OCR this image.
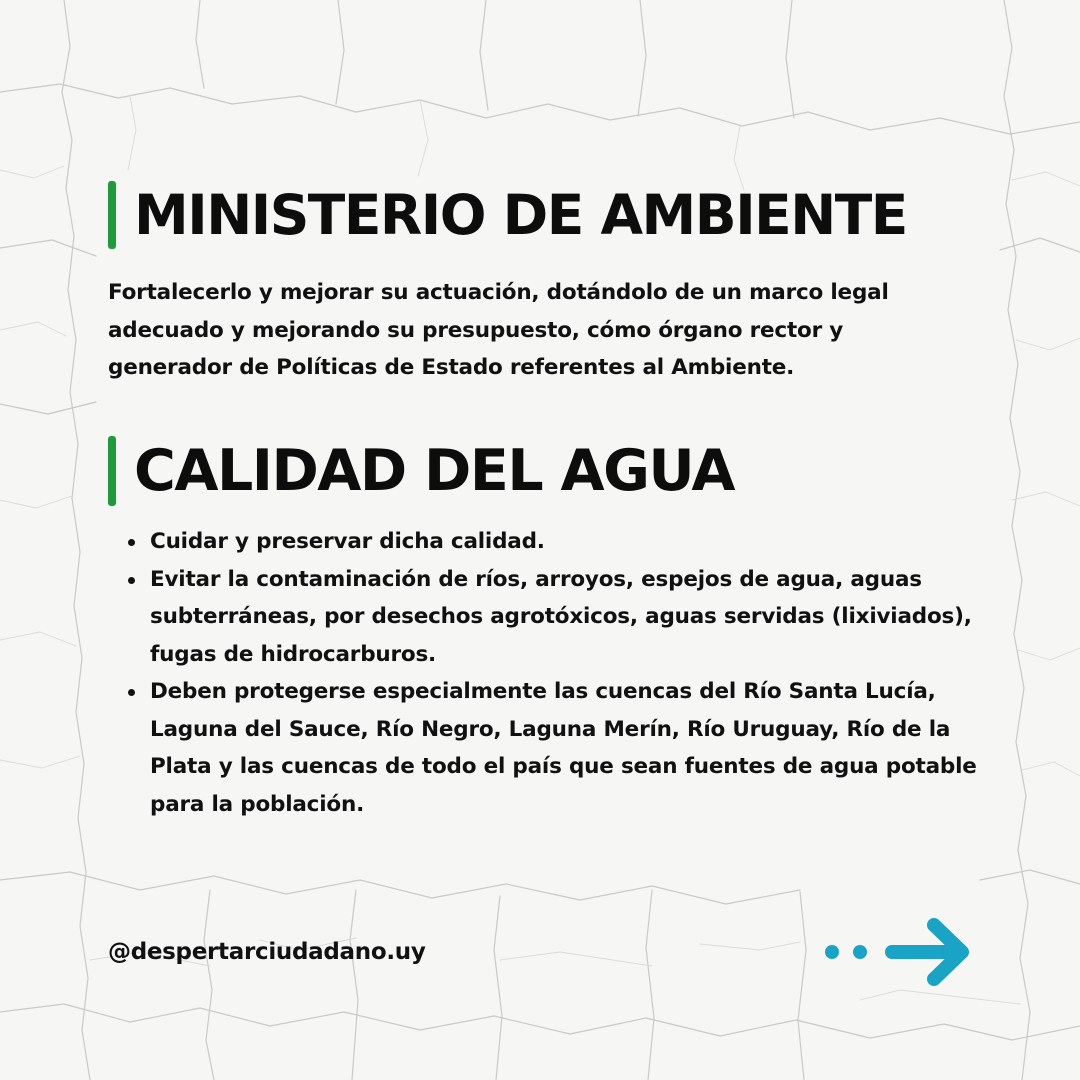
MINISTERIO DE AMBIENTE

Fortalecerlo y mejorar su actuación, dotándolo de un marco legal adecuado y mejorando su presupuesto, cómo órgano rector y generador de Políticas de Estado referentes al Ambiente.

CALIDAD DEL AGUA
Cuidar y preservar dicha calidad.
Evitar la contaminación de ríos, arroyos, espejos de agua, aguas subterráneas, por desechos agrotóxicos, aguas servidas (lixiviados), fugas de hidrocarburos.
Deben protegerse especialmente las cuencas del Río Santa Lucía, Laguna del Sauce, Río Negro, Laguna Merín, Río Uruguay, Río de la Plata y las cuencas de todo el país que sean fuentes de agua potable para la población.
@despertarciudadano.uy
